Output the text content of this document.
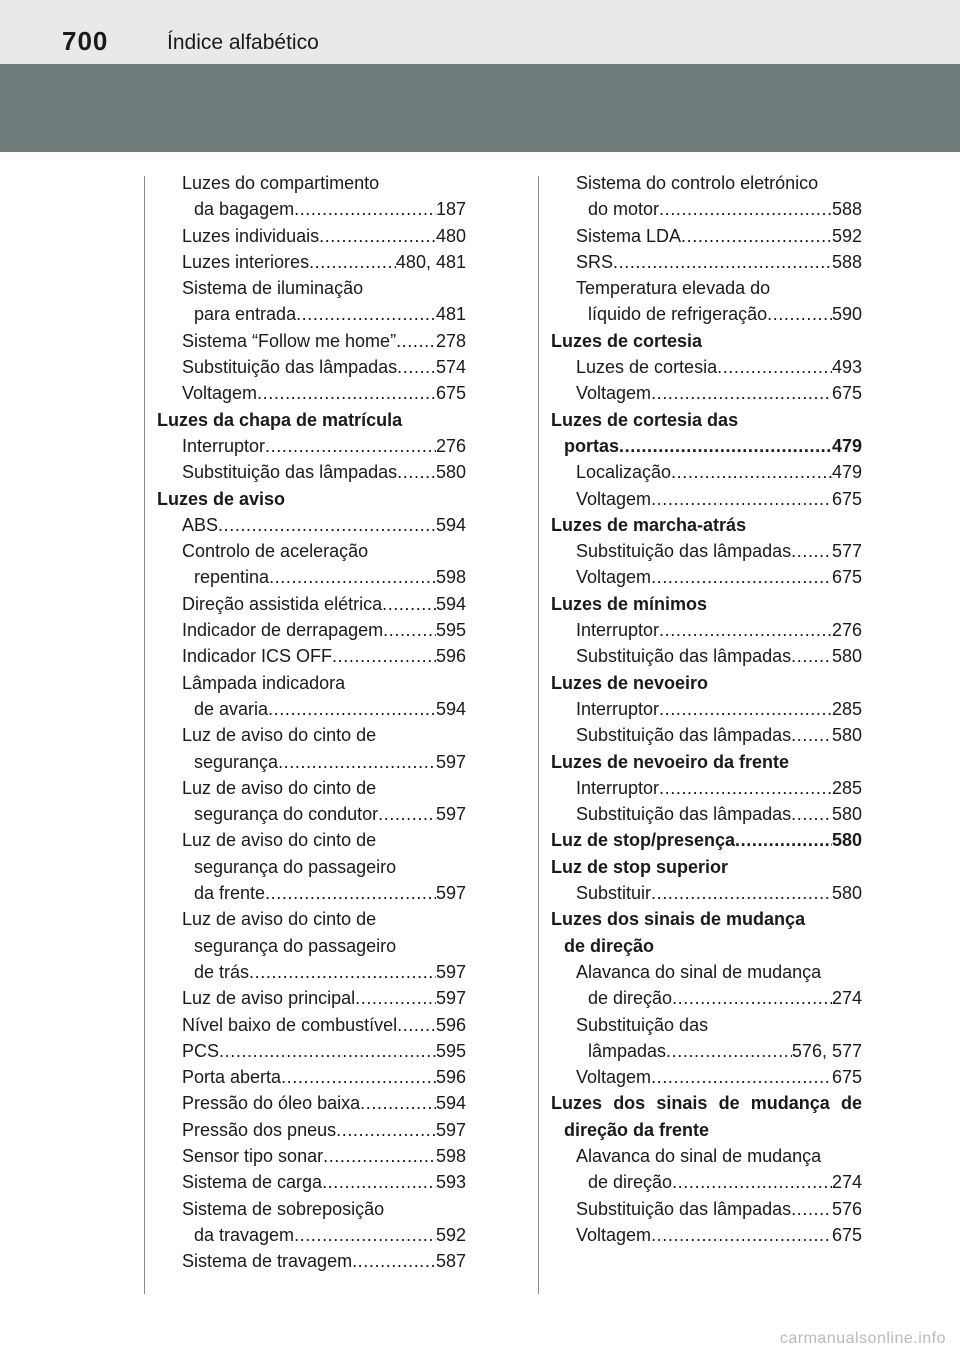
700	Índice alfabético
Luzes do compartimento
da bagagem . . .	187
Luzes individuais . . .	480
Luzes interiores . . .	480, 481
Sistema de iluminação
para entrada . . .	481
Sistema “Follow me home” . . . 278
Substituição das lâmpadas . . . 574
Voltagem . . .	675
Luzes da chapa de matrícula
Interruptor . . .	276
Substituição das lâmpadas . . . 580
Luzes de aviso
ABS . . .	594
Controlo de aceleração
repentina . . .	598
Direção assistida elétrica . . .	594
Indicador de derrapagem . . .	595
Indicador ICS OFF . . .	596
Lâmpada indicadora
de avaria . . .	594
Luz de aviso do cinto de
segurança . . .	597
Luz de aviso do cinto de
segurança do condutor . . .	597
Luz de aviso do cinto de
segurança do passageiro
da frente . . .	597
Luz de aviso do cinto de
segurança do passageiro
de trás . . .	597
Luz de aviso principal . . .	597
Nível baixo de combustível . . . 596
PCS . . .	595
Porta aberta . . .	596
Pressão do óleo baixa . . .	594
Pressão dos pneus . . .	597
Sensor tipo sonar . . .	598
Sistema de carga . . .	593
Sistema de sobreposição
da travagem . . .	592
Sistema de travagem . . .	587
Sistema do controlo eletrónico
do motor . . .	588
Sistema LDA . . .	592
SRS . . .	588
Temperatura elevada do
líquido de refrigeração . . .	590
Luzes de cortesia
Luzes de cortesia . . .	493
Voltagem . . .	675
Luzes de cortesia das
portas . . .	479
Localização . . .	479
Voltagem . . .	675
Luzes de marcha-atrás
Substituição das lâmpadas . . . 577
Voltagem . . .	675
Luzes de mínimos
Interruptor . . .	276
Substituição das lâmpadas . . . 580
Luzes de nevoeiro
Interruptor . . .	285
Substituição das lâmpadas . . . 580
Luzes de nevoeiro da frente
Interruptor . . .	285
Substituição das lâmpadas . . . 580
Luz de stop/presença . . .	580
Luz de stop superior
Substituir . . .	580
Luzes dos sinais de mudança
de direção
Alavanca do sinal de mudança
de direção . . .	274
Substituição das
lâmpadas . . .	576, 577
Voltagem . . .	675
Luzes dos sinais de mudança de
direção da frente
Alavanca do sinal de mudança
de direção . . .	274
Substituição das lâmpadas . . . 576
Voltagem . . .	675
carmanualsonline.info
